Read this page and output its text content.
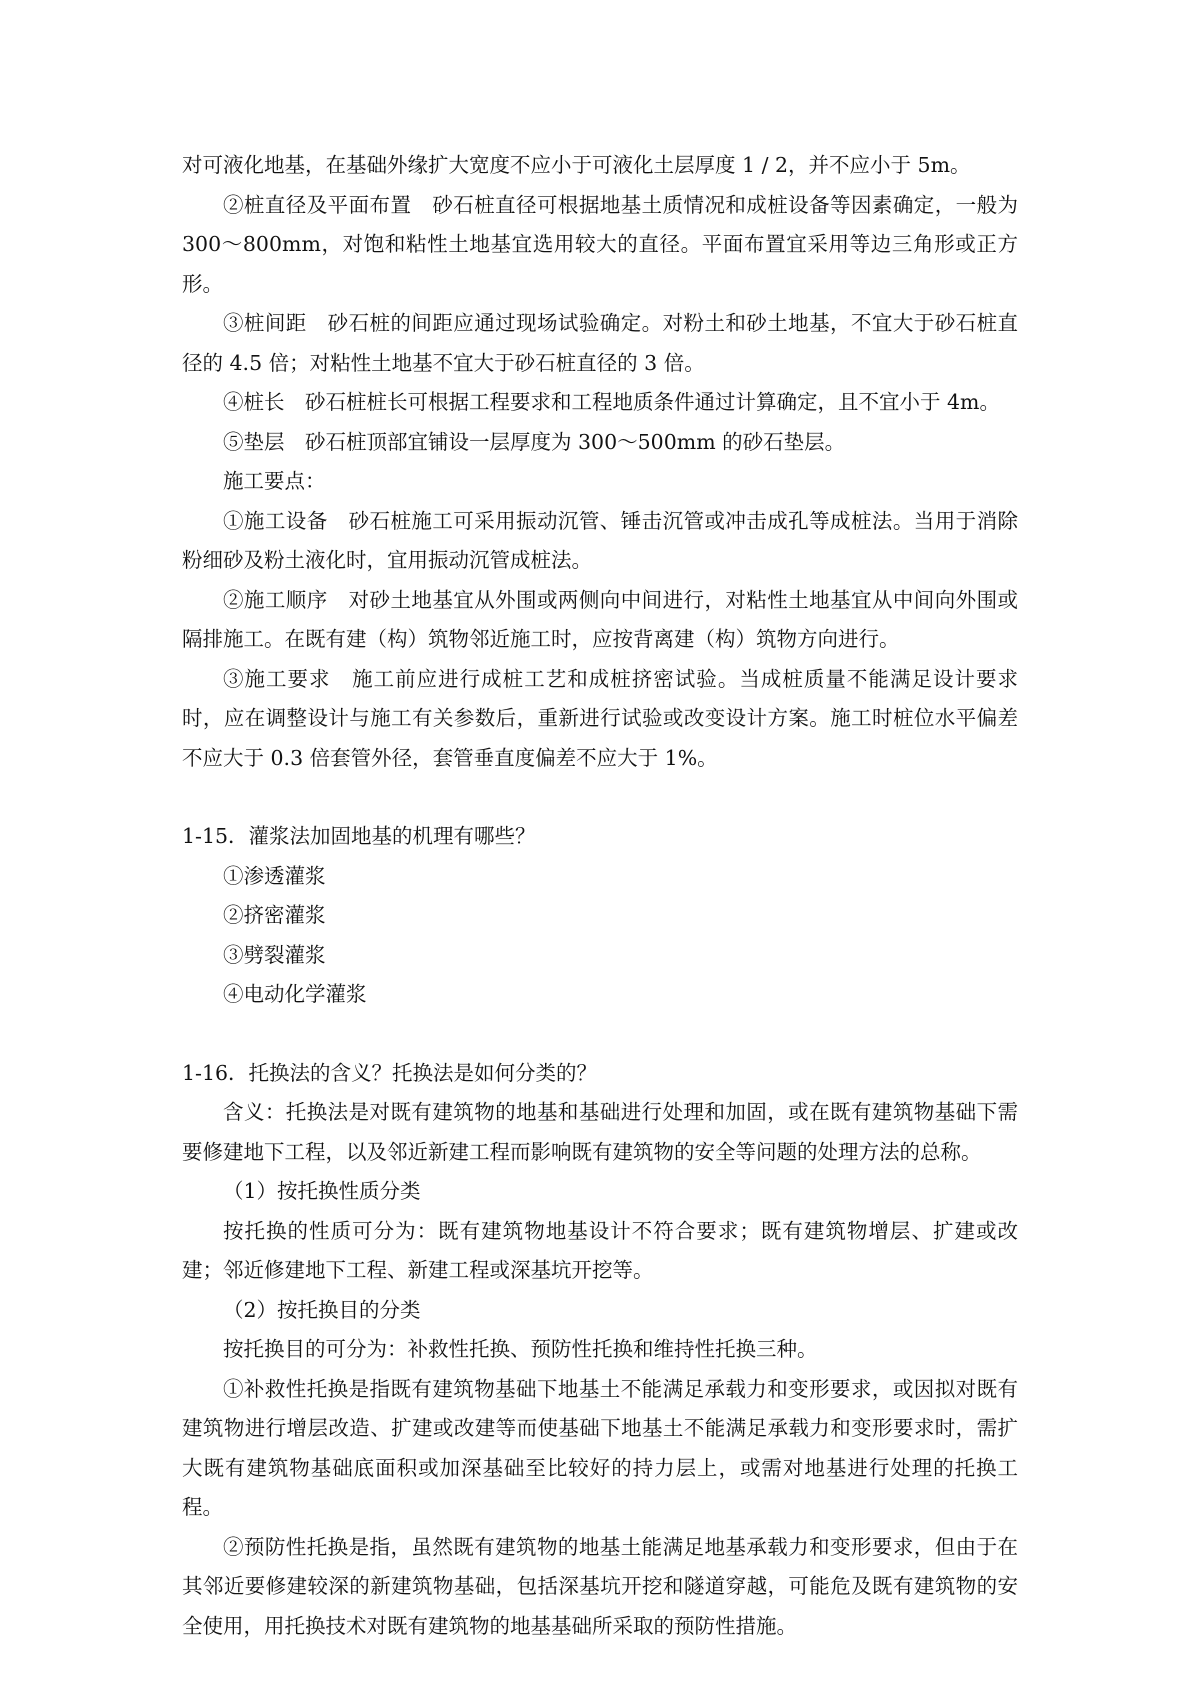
对可液化地基，在基础外缘扩大宽度不应小于可液化土层厚度 1 / 2，并不应小于 5m。

②桩直径及平面布置　砂石桩直径可根据地基土质情况和成桩设备等因素确定，一般为 300～800mm，对饱和粘性土地基宜选用较大的直径。平面布置宜采用等边三角形或正方形。

③桩间距　砂石桩的间距应通过现场试验确定。对粉土和砂土地基，不宜大于砂石桩直径的 4.5 倍；对粘性土地基不宜大于砂石桩直径的 3 倍。

④桩长　砂石桩桩长可根据工程要求和工程地质条件通过计算确定，且不宜小于 4m。

⑤垫层　砂石桩顶部宜铺设一层厚度为 300～500mm 的砂石垫层。

施工要点：

①施工设备　砂石桩施工可采用振动沉管、锤击沉管或冲击成孔等成桩法。当用于消除粉细砂及粉土液化时，宜用振动沉管成桩法。

②施工顺序　对砂土地基宜从外围或两侧向中间进行，对粘性土地基宜从中间向外围或隔排施工。在既有建（构）筑物邻近施工时，应按背离建（构）筑物方向进行。

③施工要求　施工前应进行成桩工艺和成桩挤密试验。当成桩质量不能满足设计要求时，应在调整设计与施工有关参数后，重新进行试验或改变设计方案。施工时桩位水平偏差不应大于 0.3 倍套管外径，套管垂直度偏差不应大于 1%。

1-15．灌浆法加固地基的机理有哪些？

①渗透灌浆

②挤密灌浆

③劈裂灌浆

④电动化学灌浆

1-16．托换法的含义？托换法是如何分类的？

含义：托换法是对既有建筑物的地基和基础进行处理和加固，或在既有建筑物基础下需要修建地下工程，以及邻近新建工程而影响既有建筑物的安全等问题的处理方法的总称。

（1）按托换性质分类

按托换的性质可分为：既有建筑物地基设计不符合要求；既有建筑物增层、扩建或改建；邻近修建地下工程、新建工程或深基坑开挖等。

（2）按托换目的分类

按托换目的可分为：补救性托换、预防性托换和维持性托换三种。

①补救性托换是指既有建筑物基础下地基土不能满足承载力和变形要求，或因拟对既有建筑物进行增层改造、扩建或改建等而使基础下地基土不能满足承载力和变形要求时，需扩大既有建筑物基础底面积或加深基础至比较好的持力层上，或需对地基进行处理的托换工程。

②预防性托换是指，虽然既有建筑物的地基土能满足地基承载力和变形要求，但由于在其邻近要修建较深的新建筑物基础，包括深基坑开挖和隧道穿越，可能危及既有建筑物的安全使用，用托换技术对既有建筑物的地基基础所采取的预防性措施。
